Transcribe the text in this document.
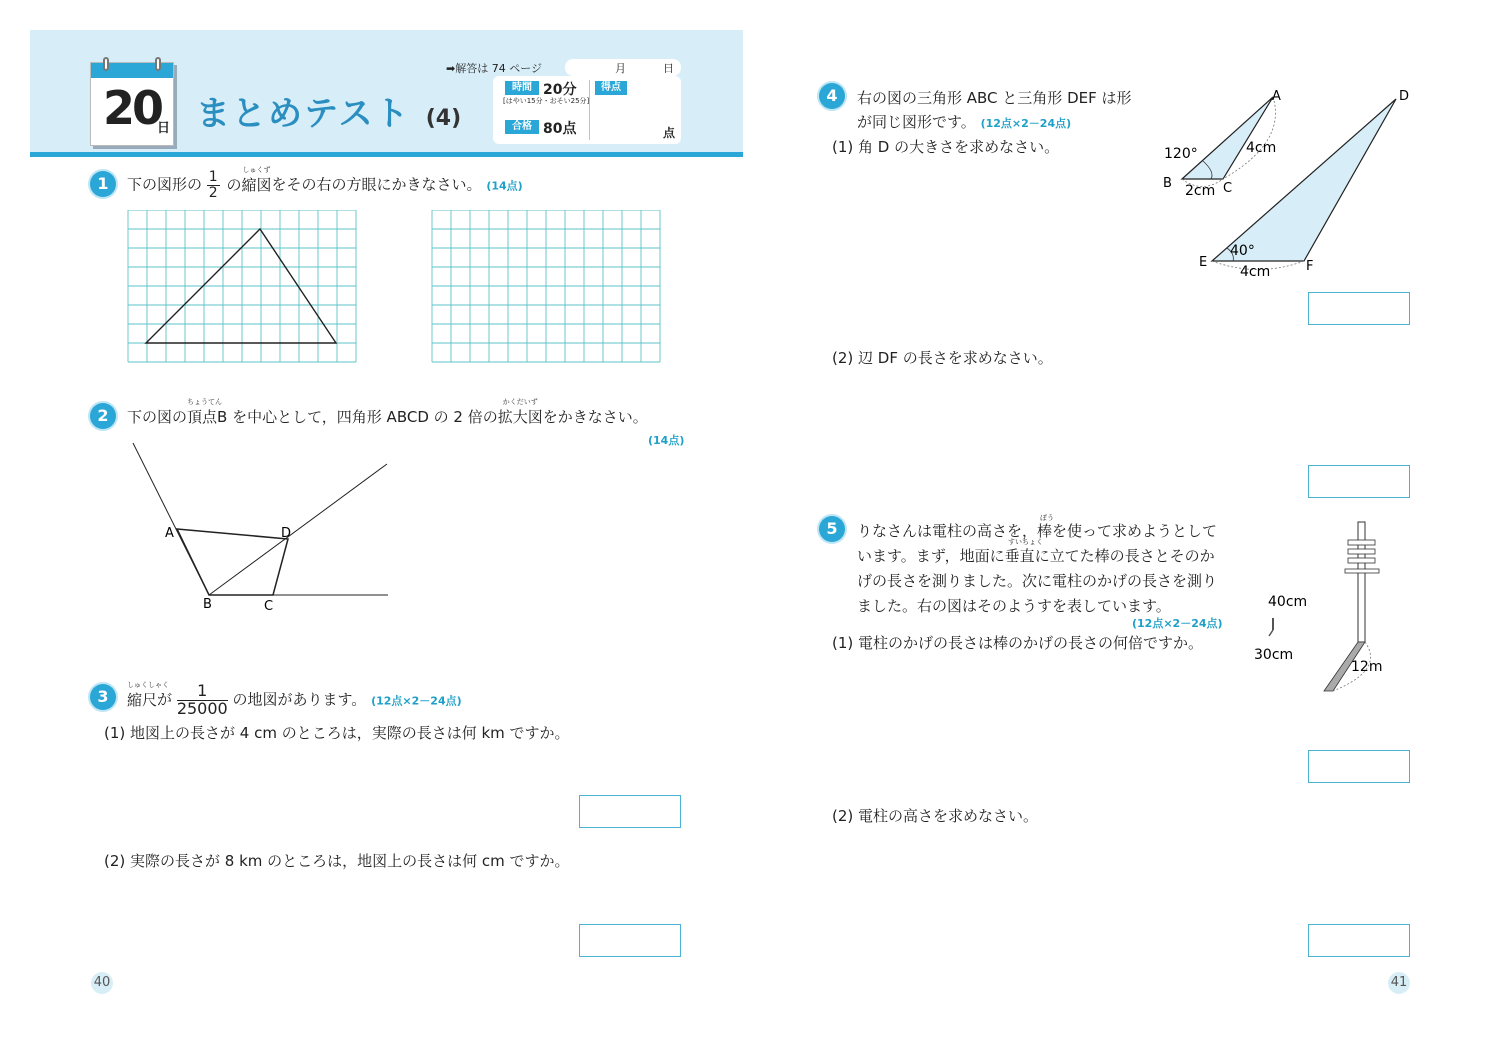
20
日 まとめテスト (4)
➡解答は 74 ページ	月	日
時間 20分
[はやい15分・おそい25分]
合格 80点
得点
点
1	下の図形の $\frac{1}{2}$ の
しゅくず
縮図をその右の方眼にかきなさい。 (14点)
2	下の図の
ちょうてん
頂点B を中心として，四角形 ABCD の 2 倍の
かくだいず
拡大図をかきなさい。
(14点)
A	D
B	C
3
しゅくしゃく
縮尺が $\frac{1}{25000}$ の地図があります。 (12点×2－24点)
(1) 地図上の長さが 4 cm のところは，実際の長さは何 km ですか。
(2) 実際の長さが 8 km のところは，地図上の長さは何 cm ですか。
40
4	右の図の三角形 ABC と三角形 DEF は形
が同じ図形です。 (12点×2－24点)
(1) 角 D の大きさを求めなさい。
A
B	C
D
E	F
120°	4cm
2cm
40°
4cm
(2) 辺 DF の長さを求めなさい。
5	りなさんは電柱の高さを，棒を使って求めようとして
ぼう
すいちょく
います。まず，地面に垂直に立てた棒の長さとそのか
げの長さを測りました。次に電柱のかげの長さを測り
ました。右の図はそのようすを表しています。
(12点×2－24点)
(1) 電柱のかげの長さは棒のかげの長さの何倍ですか。
40cm
30cm
12m
(2) 電柱の高さを求めなさい。
41
